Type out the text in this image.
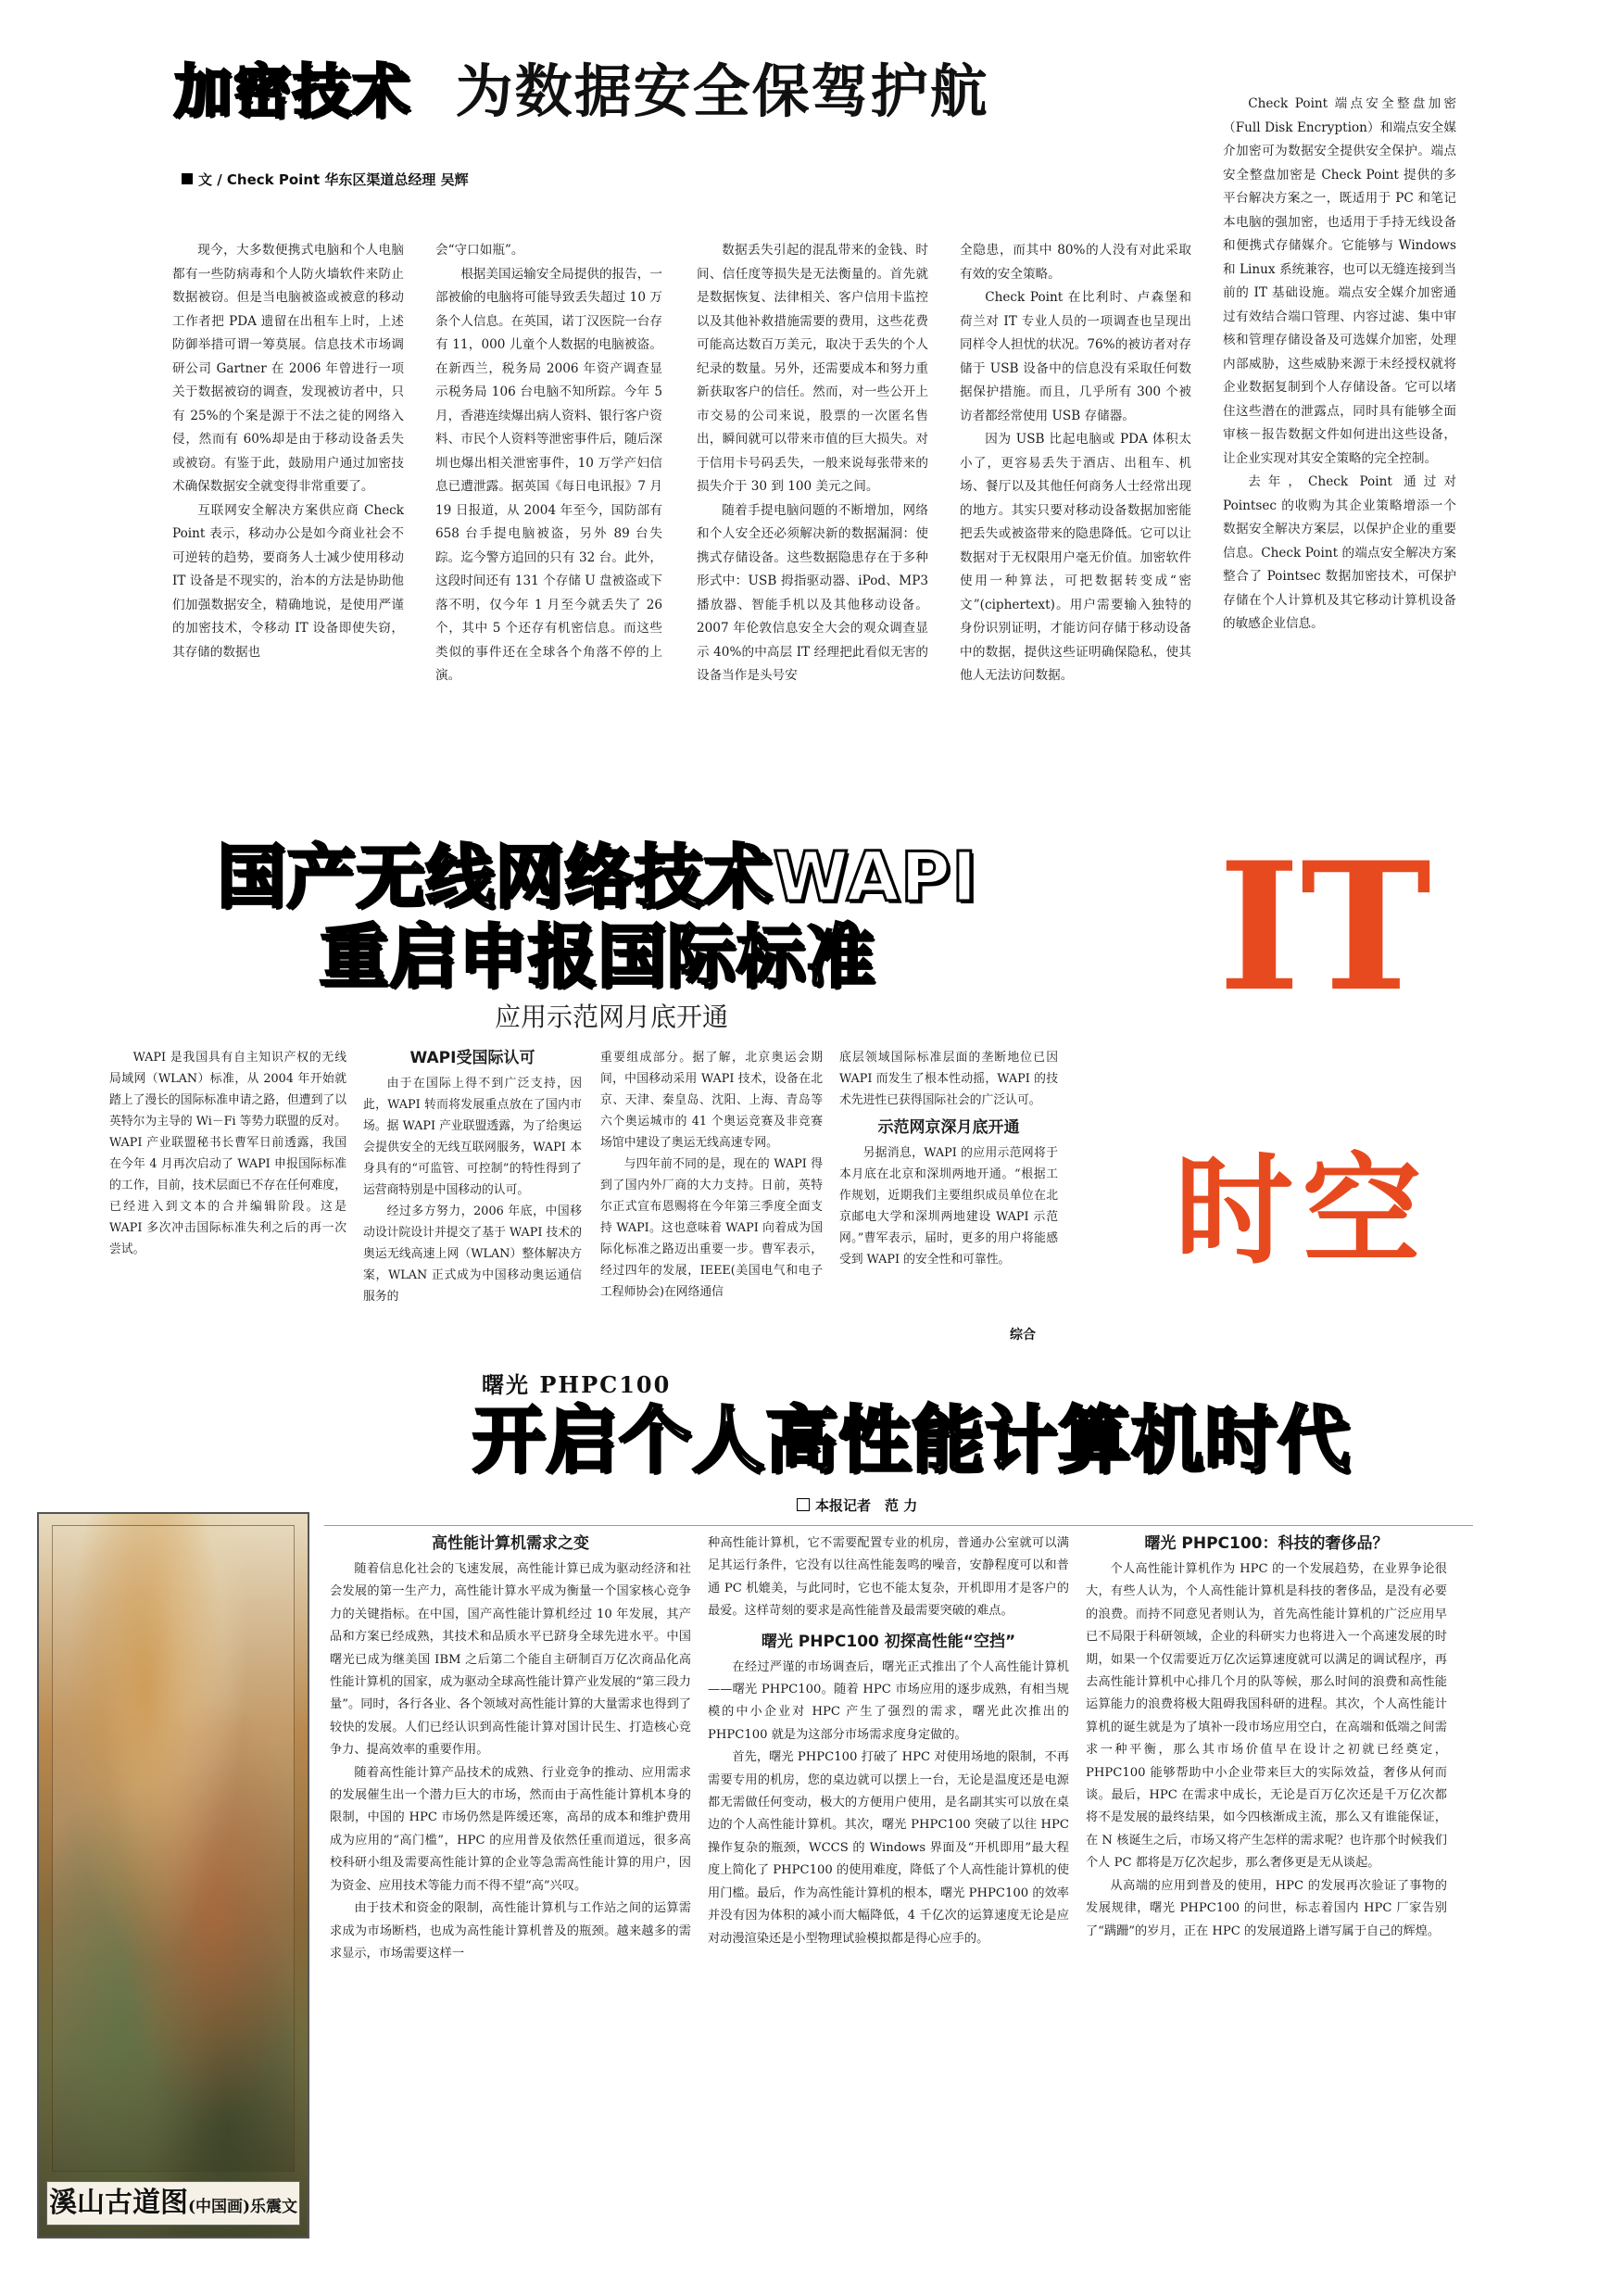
加密技术 为数据安全保驾护航
文 / Check Point 华东区渠道总经理 吴辉

现今，大多数便携式电脑和个人电脑都有一些防病毒和个人防火墙软件来防止数据被窃。但是当电脑被盗或被意的移动工作者把 PDA 遗留在出租车上时，上述防御举措可谓一筹莫展。信息技术市场调研公司 Gartner 在 2006 年曾进行一项关于数据被窃的调查，发现被访者中，只有 25%的个案是源于不法之徒的网络入侵，然而有 60%却是由于移动设备丢失或被窃。有鉴于此，鼓励用户通过加密技术确保数据安全就变得非常重要了。

互联网安全解决方案供应商 Check Point 表示，移动办公是如今商业社会不可逆转的趋势，要商务人士减少使用移动 IT 设备是不现实的，治本的方法是协助他们加强数据安全，精确地说，是使用严谨的加密技术，令移动 IT 设备即使失窃，其存储的数据也

会“守口如瓶”。

根据美国运输安全局提供的报告，一部被偷的电脑将可能导致丢失超过 10 万条个人信息。在英国，诺丁汉医院一台存有 11，000 儿童个人数据的电脑被盗。在新西兰，税务局 2006 年资产调查显示税务局 106 台电脑不知所踪。今年 5 月，香港连续爆出病人资料、银行客户资料、市民个人资料等泄密事件后，随后深圳也爆出相关泄密事件，10 万学产妇信息已遭泄露。据英国《每日电讯报》7 月 19 日报道，从 2004 年至今，国防部有 658 台手提电脑被盗，另外 89 台失踪。迄今警方追回的只有 32 台。此外，这段时间还有 131 个存储 U 盘被盗或下落不明，仅今年 1 月至今就丢失了 26 个，其中 5 个还存有机密信息。而这些类似的事件还在全球各个角落不停的上演。

数据丢失引起的混乱带来的金钱、时间、信任度等损失是无法衡量的。首先就是数据恢复、法律相关、客户信用卡监控以及其他补救措施需要的费用，这些花费可能高达数百万美元，取决于丢失的个人纪录的数量。另外，还需要成本和努力重新获取客户的信任。然而，对一些公开上市交易的公司来说，股票的一次匿名售出，瞬间就可以带来市值的巨大损失。对于信用卡号码丢失，一般来说每张带来的损失介于 30 到 100 美元之间。

随着手提电脑问题的不断增加，网络和个人安全还必须解决新的数据漏洞：使携式存储设备。这些数据隐患存在于多种形式中：USB 拇指驱动器、iPod、MP3 播放器、智能手机以及其他移动设备。2007 年伦敦信息安全大会的观众调查显示 40%的中高层 IT 经理把此看似无害的设备当作是头号安

全隐患，而其中 80%的人没有对此采取有效的安全策略。

Check Point 在比利时、卢森堡和荷兰对 IT 专业人员的一项调查也呈现出同样令人担忧的状况。76%的被访者对存储于 USB 设备中的信息没有采取任何数据保护措施。而且，几乎所有 300 个被访者都经常使用 USB 存储器。

因为 USB 比起电脑或 PDA 体积太小了，更容易丢失于酒店、出租车、机场、餐厅以及其他任何商务人士经常出现的地方。其实只要对移动设备数据加密能把丢失或被盗带来的隐患降低。它可以让数据对于无权限用户毫无价值。加密软件使用一种算法，可把数据转变成“密文”(ciphertext)。用户需要输入独特的身份识别证明，才能访问存储于移动设备中的数据，提供这些证明确保隐私，使其他人无法访问数据。

Check Point 端点安全整盘加密（Full Disk Encryption）和端点安全媒介加密可为数据安全提供安全保护。端点安全整盘加密是 Check Point 提供的多平台解决方案之一，既适用于 PC 和笔记本电脑的强加密，也适用于手持无线设备和便携式存储媒介。它能够与 Windows 和 Linux 系统兼容，也可以无缝连接到当前的 IT 基础设施。端点安全媒介加密通过有效结合端口管理、内容过滤、集中审核和管理存储设备及可选媒介加密，处理内部威胁，这些威胁来源于未经授权就将企业数据复制到个人存储设备。它可以堵住这些潜在的泄露点，同时具有能够全面审核－报告数据文件如何进出这些设备，让企业实现对其安全策略的完全控制。

去年，Check Point 通过对 Pointsec 的收购为其企业策略增添一个数据安全解决方案层，以保护企业的重要信息。Check Point 的端点安全解决方案整合了 Pointsec 数据加密技术，可保护存储在个人计算机及其它移动计算机设备的敏感企业信息。

国产无线网络技术WAPI
重启申报国际标准
应用示范网月底开通

WAPI 是我国具有自主知识产权的无线局域网（WLAN）标准，从 2004 年开始就踏上了漫长的国际标准申请之路，但遭到了以英特尔为主导的 Wi－Fi 等势力联盟的反对。WAPI 产业联盟秘书长曹军日前透露，我国在今年 4 月再次启动了 WAPI 申报国际标准的工作，目前，技术层面已不存在任何难度，已经进入到文本的合并编辑阶段。这是 WAPI 多次冲击国际标准失利之后的再一次尝试。

WAPI受国际认可

由于在国际上得不到广泛支持，因此，WAPI 转而将发展重点放在了国内市场。据 WAPI 产业联盟透露，为了给奥运会提供安全的无线互联网服务，WAPI 本身具有的“可监管、可控制”的特性得到了运营商特别是中国移动的认可。

经过多方努力，2006 年底，中国移动设计院设计并提交了基于 WAPI 技术的奥运无线高速上网（WLAN）整体解决方案，WLAN 正式成为中国移动奥运通信服务的

重要组成部分。据了解，北京奥运会期间，中国移动采用 WAPI 技术，设备在北京、天津、秦皇岛、沈阳、上海、青岛等六个奥运城市的 41 个奥运竞赛及非竞赛场馆中建设了奥运无线高速专网。

与四年前不同的是，现在的 WAPI 得到了国内外厂商的大力支持。日前，英特尔正式宣布恩赐将在今年第三季度全面支持 WAPI。这也意味着 WAPI 向着成为国际化标准之路迈出重要一步。曹军表示，经过四年的发展，IEEE(美国电气和电子工程师协会)在网络通信

底层领域国际标准层面的垄断地位已因 WAPI 而发生了根本性动摇，WAPI 的技术先进性已获得国际社会的广泛认可。

示范网京深月底开通

另据消息，WAPI 的应用示范网将于本月底在北京和深圳两地开通。“根据工作规划，近期我们主要组织成员单位在北京邮电大学和深圳两地建设 WAPI 示范网。”曹军表示，届时，更多的用户将能感受到 WAPI 的安全性和可靠性。

综合
IT
时空
曙光 PHPC100
开启个人高性能计算机时代
本报记者　范 力
溪山古道图(中国画)乐震文
高性能计算机需求之变

随着信息化社会的飞速发展，高性能计算已成为驱动经济和社会发展的第一生产力，高性能计算水平成为衡量一个国家核心竞争力的关键指标。在中国，国产高性能计算机经过 10 年发展，其产品和方案已经成熟，其技术和品质水平已跻身全球先进水平。中国曙光已成为继美国 IBM 之后第二个能自主研制百万亿次商品化高性能计算机的国家，成为驱动全球高性能计算产业发展的“第三段力量”。同时，各行各业、各个领域对高性能计算的大量需求也得到了较快的发展。人们已经认识到高性能计算对国计民生、打造核心竞争力、提高效率的重要作用。

随着高性能计算产品技术的成熟、行业竞争的推动、应用需求的发展催生出一个潜力巨大的市场，然而由于高性能计算机本身的限制，中国的 HPC 市场仍然是阵缓还寒，高昂的成本和维护费用成为应用的“高门槛”，HPC 的应用普及依然任重而道远，很多高校科研小组及需要高性能计算的企业等急需高性能计算的用户，因为资金、应用技术等能力而不得不望“高”兴叹。

由于技术和资金的限制，高性能计算机与工作站之间的运算需求成为市场断档，也成为高性能计算机普及的瓶颈。越来越多的需求显示，市场需要这样一

种高性能计算机，它不需要配置专业的机房，普通办公室就可以满足其运行条件，它没有以往高性能轰鸣的噪音，安静程度可以和普通 PC 机媲美，与此同时，它也不能太复杂，开机即用才是客户的最爱。这样苛刻的要求是高性能普及最需要突破的难点。

曙光 PHPC100 初探高性能“空挡”

在经过严谨的市场调查后，曙光正式推出了个人高性能计算机——曙光 PHPC100。随着 HPC 市场应用的逐步成熟，有相当规模的中小企业对 HPC 产生了强烈的需求，曙光此次推出的 PHPC100 就是为这部分市场需求度身定做的。

首先，曙光 PHPC100 打破了 HPC 对使用场地的限制，不再需要专用的机房，您的桌边就可以摆上一台，无论是温度还是电源都无需做任何变动，极大的方便用户使用，是名副其实可以放在桌边的个人高性能计算机。其次，曙光 PHPC100 突破了以往 HPC 操作复杂的瓶颈，WCCS 的 Windows 界面及“开机即用”最大程度上简化了 PHPC100 的使用难度，降低了个人高性能计算机的使用门槛。最后，作为高性能计算机的根本，曙光 PHPC100 的效率并没有因为体积的减小而大幅降低，4 千亿次的运算速度无论是应对动漫渲染还是小型物理试验模拟都是得心应手的。

曙光 PHPC100：科技的奢侈品？

个人高性能计算机作为 HPC 的一个发展趋势，在业界争论很大，有些人认为，个人高性能计算机是科技的奢侈品，是没有必要的浪费。而持不同意见者则认为，首先高性能计算机的广泛应用早已不局限于科研领域，企业的科研实力也将进入一个高速发展的时期，如果一个仅需要近万亿次运算速度就可以满足的调试程序，再去高性能计算机中心排几个月的队等候，那么时间的浪费和高性能运算能力的浪费将极大阻碍我国科研的进程。其次，个人高性能计算机的诞生就是为了填补一段市场应用空白，在高端和低端之间需求一种平衡，那么其市场价值早在设计之初就已经奠定，PHPC100 能够帮助中小企业带来巨大的实际效益，奢侈从何而谈。最后，HPC 在需求中成长，无论是百万亿次还是千万亿次都将不是发展的最终结果，如今四核渐成主流，那么又有谁能保证，在 N 核诞生之后，市场又将产生怎样的需求呢？也许那个时候我们个人 PC 都将是万亿次起步，那么奢侈更是无从谈起。

从高端的应用到普及的使用，HPC 的发展再次验证了事物的发展规律，曙光 PHPC100 的问世，标志着国内 HPC 厂家告别了“蹒跚”的岁月，正在 HPC 的发展道路上谱写属于自己的辉煌。
